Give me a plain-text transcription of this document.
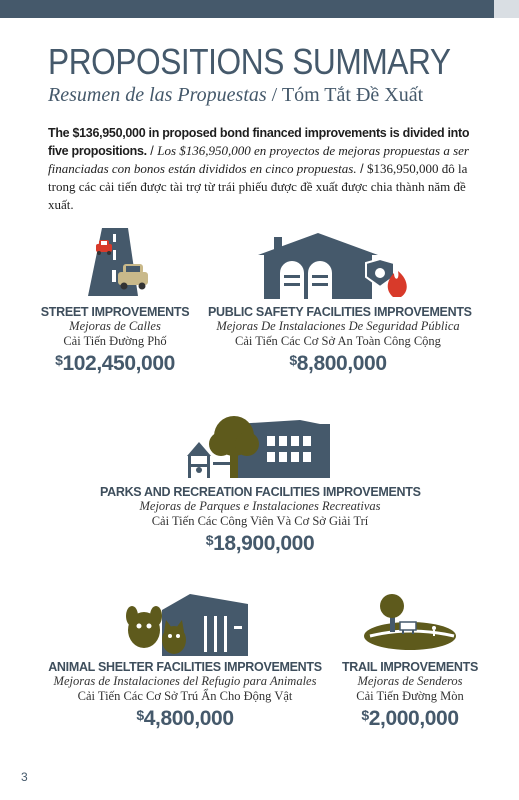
PROPOSITIONS SUMMARY
Resumen de las Propuestas / Tóm Tắt Đề Xuất
The $136,950,000 in proposed bond financed improvements is divided into five propositions. / Los $136,950,000 en proyectos de mejoras propuestas a ser financiadas con bonos están divididos en cinco propuestas. / $136,950,000 đô la trong các cải tiến được tài trợ từ trái phiếu được đề xuất được chia thành năm đề xuất.
STREET IMPROVEMENTS
Mejoras de Calles
Cải Tiến Đường Phố
$102,450,000
PUBLIC SAFETY FACILITIES IMPROVEMENTS
Mejoras De Instalaciones De Seguridad Pública
Cải Tiến Các Cơ Sở An Toàn Công Cộng
$8,800,000
PARKS AND RECREATION FACILITIES IMPROVEMENTS
Mejoras de Parques e Instalaciones Recreativas
Cải Tiến Các Công Viên Và Cơ Sở Giải Trí
$18,900,000
ANIMAL SHELTER FACILITIES IMPROVEMENTS
Mejoras de Instalaciones del Refugio para Animales
Cải Tiến Các Cơ Sở Trú Ẩn Cho Động Vật
$4,800,000
TRAIL IMPROVEMENTS
Mejoras de Senderos
Cải Tiến Đường Mòn
$2,000,000
3
